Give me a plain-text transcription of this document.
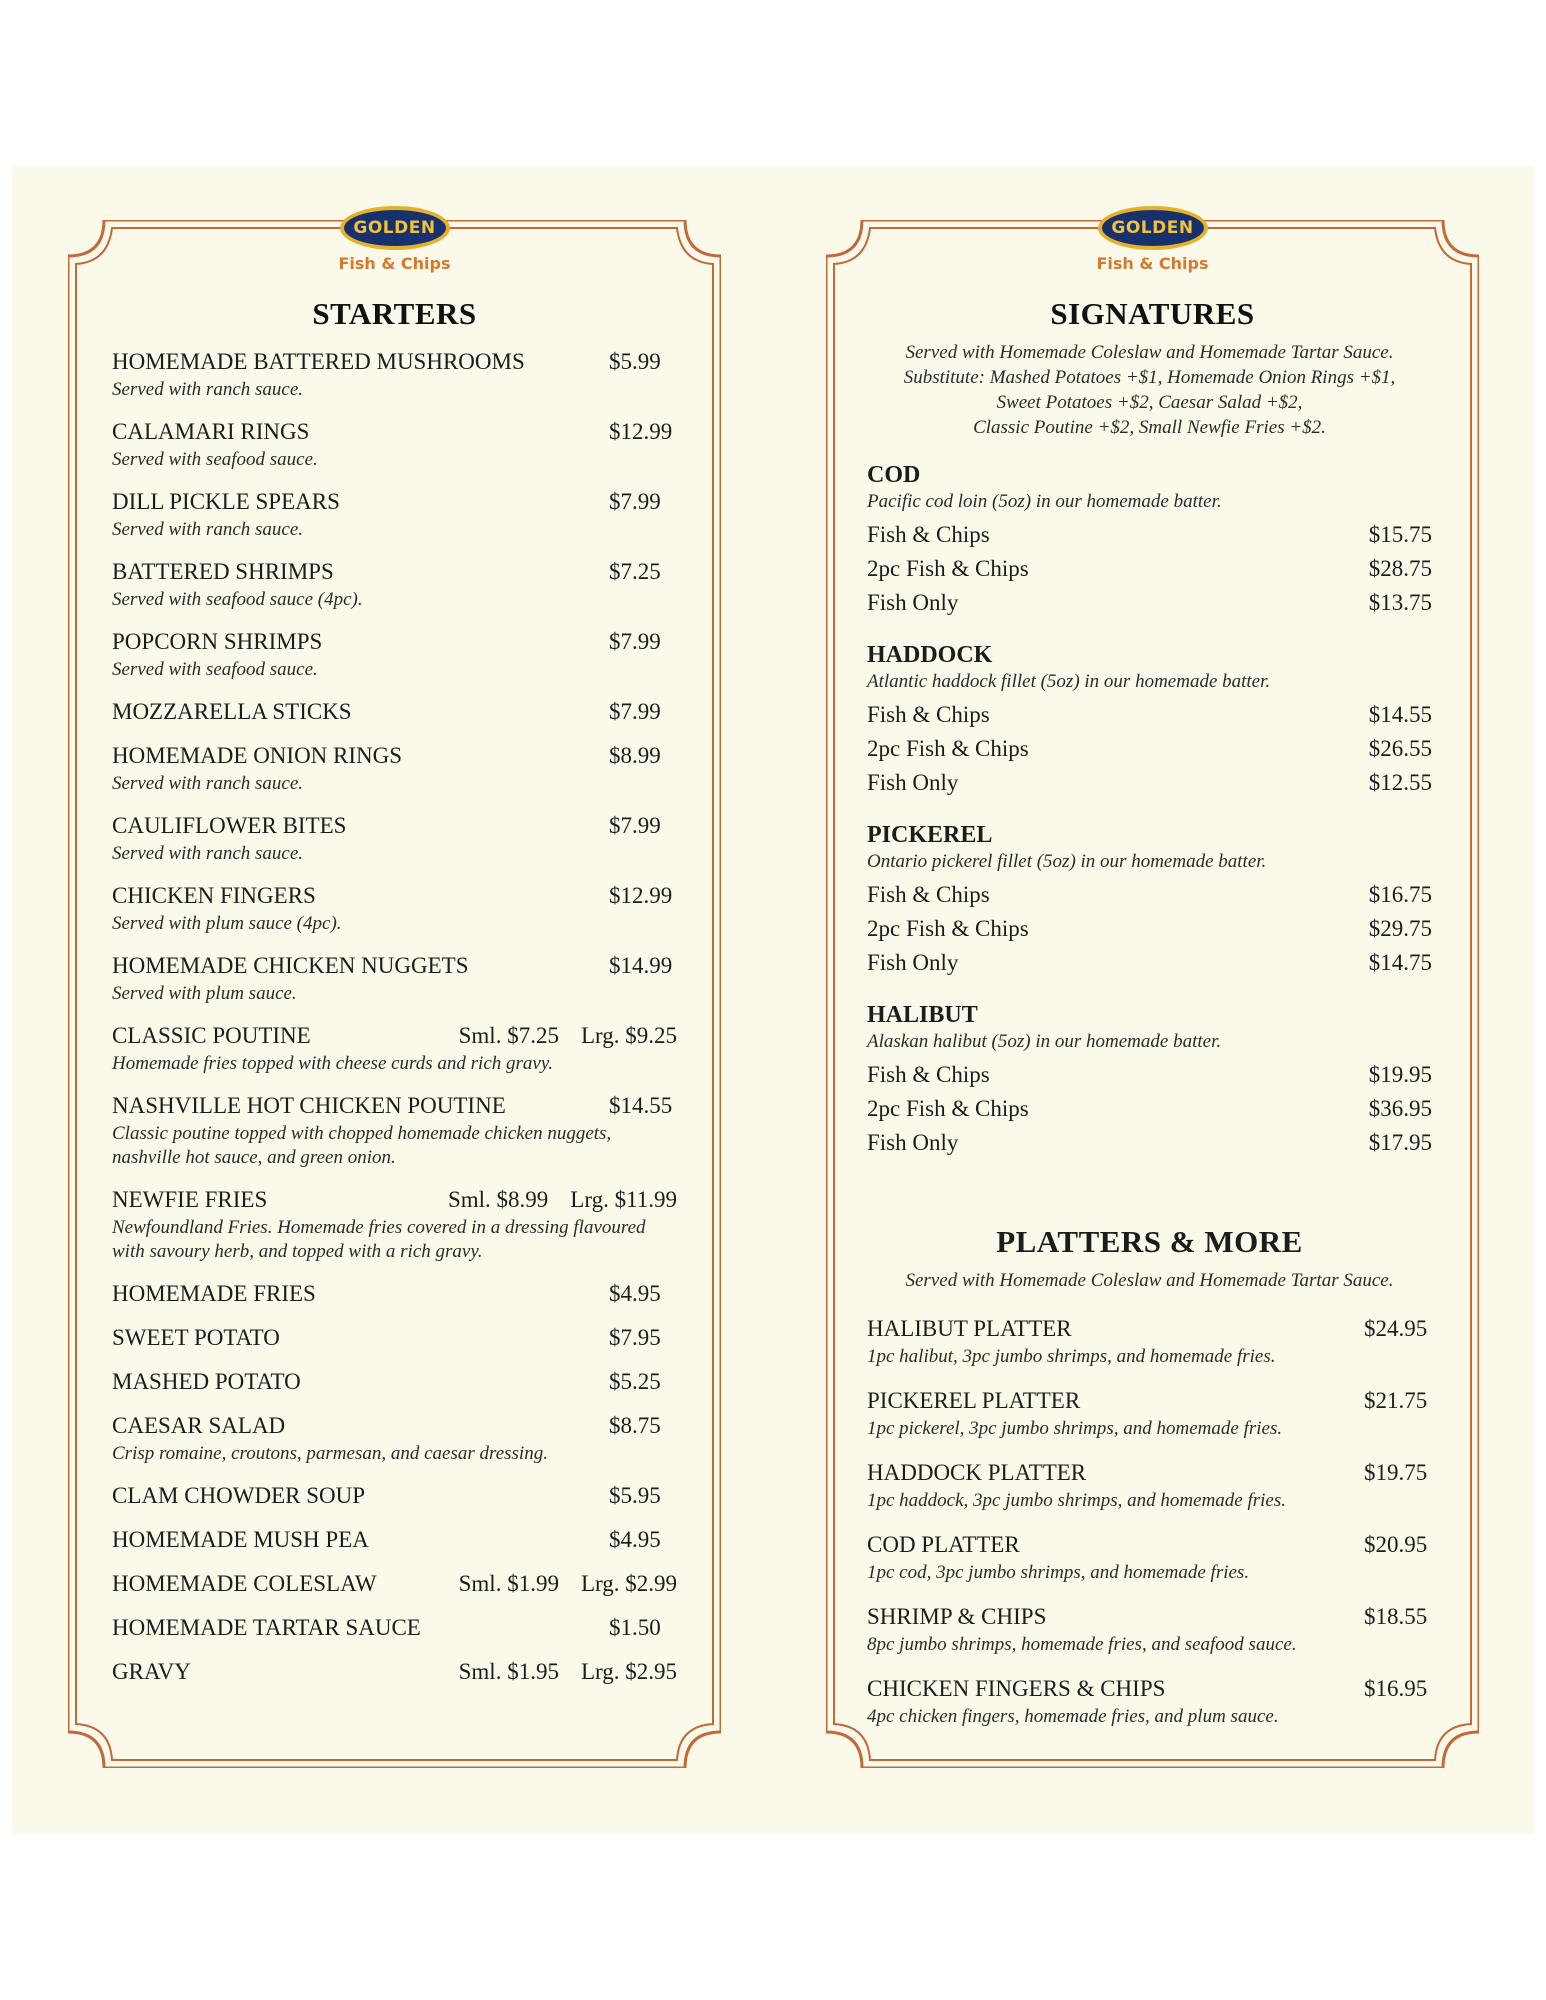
GOLDEN
Fish & Chips
STARTERS
HOMEMADE BATTERED MUSHROOMS	$5.99
Served with ranch sauce.
CALAMARI RINGS	$12.99
Served with seafood sauce.
DILL PICKLE SPEARS	$7.99
Served with ranch sauce.
BATTERED SHRIMPS	$7.25
Served with seafood sauce (4pc).
POPCORN SHRIMPS	$7.99
Served with seafood sauce.
MOZZARELLA STICKS	$7.99
HOMEMADE ONION RINGS	$8.99
Served with ranch sauce.
CAULIFLOWER BITES	$7.99
Served with ranch sauce.
CHICKEN FINGERS	$12.99
Served with plum sauce (4pc).
HOMEMADE CHICKEN NUGGETS	$14.99
Served with plum sauce.
CLASSIC POUTINE	Sml. $7.25 Lrg. $9.25
Homemade fries topped with cheese curds and rich gravy.
NASHVILLE HOT CHICKEN POUTINE	$14.55
Classic poutine topped with chopped homemade chicken nuggets, nashville hot sauce, and green onion.
NEWFIE FRIES	Sml. $8.99 Lrg. $11.99
Newfoundland Fries. Homemade fries covered in a dressing flavoured with savoury herb, and topped with a rich gravy.
HOMEMADE FRIES	$4.95
SWEET POTATO	$7.95
MASHED POTATO	$5.25
CAESAR SALAD	$8.75
Crisp romaine, croutons, parmesan, and caesar dressing.
CLAM CHOWDER SOUP	$5.95
HOMEMADE MUSH PEA	$4.95
HOMEMADE COLESLAW	Sml. $1.99 Lrg. $2.99
HOMEMADE TARTAR SAUCE	$1.50
GRAVY	Sml. $1.95 Lrg. $2.95
GOLDEN
Fish & Chips
SIGNATURES
Served with Homemade Coleslaw and Homemade Tartar Sauce.
Substitute: Mashed Potatoes +$1, Homemade Onion Rings +$1,
Sweet Potatoes +$2, Caesar Salad +$2,
Classic Poutine +$2, Small Newfie Fries +$2.
COD
Pacific cod loin (5oz) in our homemade batter.
Fish & Chips	$15.75
2pc Fish & Chips	$28.75
Fish Only	$13.75
HADDOCK
Atlantic haddock fillet (5oz) in our homemade batter.
Fish & Chips	$14.55
2pc Fish & Chips	$26.55
Fish Only	$12.55
PICKEREL
Ontario pickerel fillet (5oz) in our homemade batter.
Fish & Chips	$16.75
2pc Fish & Chips	$29.75
Fish Only	$14.75
HALIBUT
Alaskan halibut (5oz) in our homemade batter.
Fish & Chips	$19.95
2pc Fish & Chips	$36.95
Fish Only	$17.95
PLATTERS & MORE
Served with Homemade Coleslaw and Homemade Tartar Sauce.
HALIBUT PLATTER	$24.95
1pc halibut, 3pc jumbo shrimps, and homemade fries.
PICKEREL PLATTER	$21.75
1pc pickerel, 3pc jumbo shrimps, and homemade fries.
HADDOCK PLATTER	$19.75
1pc haddock, 3pc jumbo shrimps, and homemade fries.
COD PLATTER	$20.95
1pc cod, 3pc jumbo shrimps, and homemade fries.
SHRIMP & CHIPS	$18.55
8pc jumbo shrimps, homemade fries, and seafood sauce.
CHICKEN FINGERS & CHIPS	$16.95
4pc chicken fingers, homemade fries, and plum sauce.
